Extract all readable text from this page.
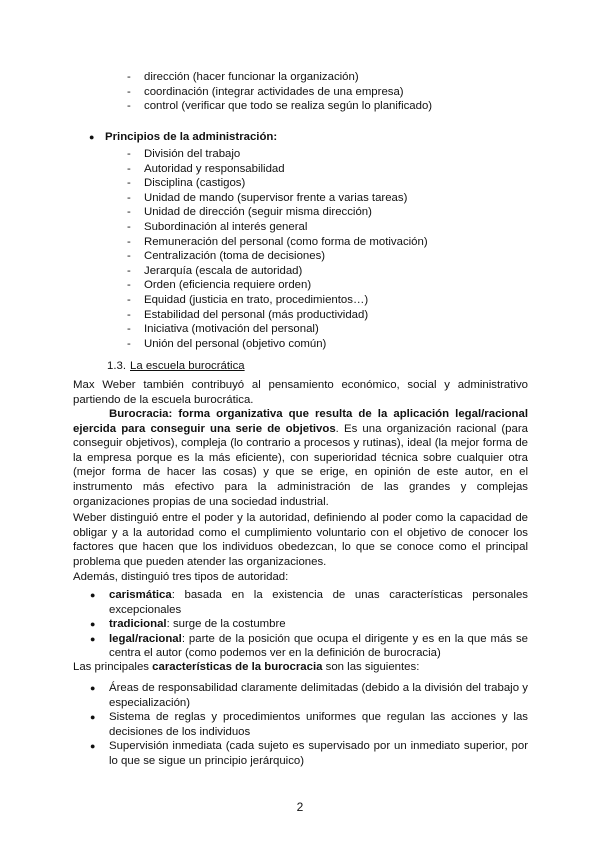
- dirección (hacer funcionar la organización)
- coordinación (integrar actividades de una empresa)
- control (verificar que todo se realiza según lo planificado)
● Principios de la administración:
- División del trabajo
- Autoridad y responsabilidad
- Disciplina (castigos)
- Unidad de mando (supervisor frente a varias tareas)
- Unidad de dirección (seguir misma dirección)
- Subordinación al interés general
- Remuneración del personal (como forma de motivación)
- Centralización (toma de decisiones)
- Jerarquía (escala de autoridad)
- Orden (eficiencia requiere orden)
- Equidad (justicia en trato, procedimientos…)
- Estabilidad del personal (más productividad)
- Iniciativa (motivación del personal)
- Unión del personal (objetivo común)
1.3. La escuela burocrática

Max Weber también contribuyó al pensamiento económico, social y administrativo partiendo de la escuela burocrática.

Burocracia: forma organizativa que resulta de la aplicación legal/racional ejercida para conseguir una serie de objetivos. Es una organización racional (para conseguir objetivos), compleja (lo contrario a procesos y rutinas), ideal (la mejor forma de la empresa porque es la más eficiente), con superioridad técnica sobre cualquier otra (mejor forma de hacer las cosas) y que se erige, en opinión de este autor, en el instrumento más efectivo para la administración de las grandes y complejas organizaciones propias de una sociedad industrial.

Weber distinguió entre el poder y la autoridad, definiendo al poder como la capacidad de obligar y a la autoridad como el cumplimiento voluntario con el objetivo de conocer los factores que hacen que los individuos obedezcan, lo que se conoce como el principal problema que pueden atender las organizaciones.

Además, distinguió tres tipos de autoridad:

● carismática: basada en la existencia de unas características personales excepcionales
● tradicional: surge de la costumbre
● legal/racional: parte de la posición que ocupa el dirigente y es en la que más se centra el autor (como podemos ver en la definición de burocracia)

Las principales características de la burocracia son las siguientes:

● Áreas de responsabilidad claramente delimitadas (debido a la división del trabajo y especialización)
● Sistema de reglas y procedimientos uniformes que regulan las acciones y las decisiones de los individuos
● Supervisión inmediata (cada sujeto es supervisado por un inmediato superior, por lo que se sigue un principio jerárquico)
2
